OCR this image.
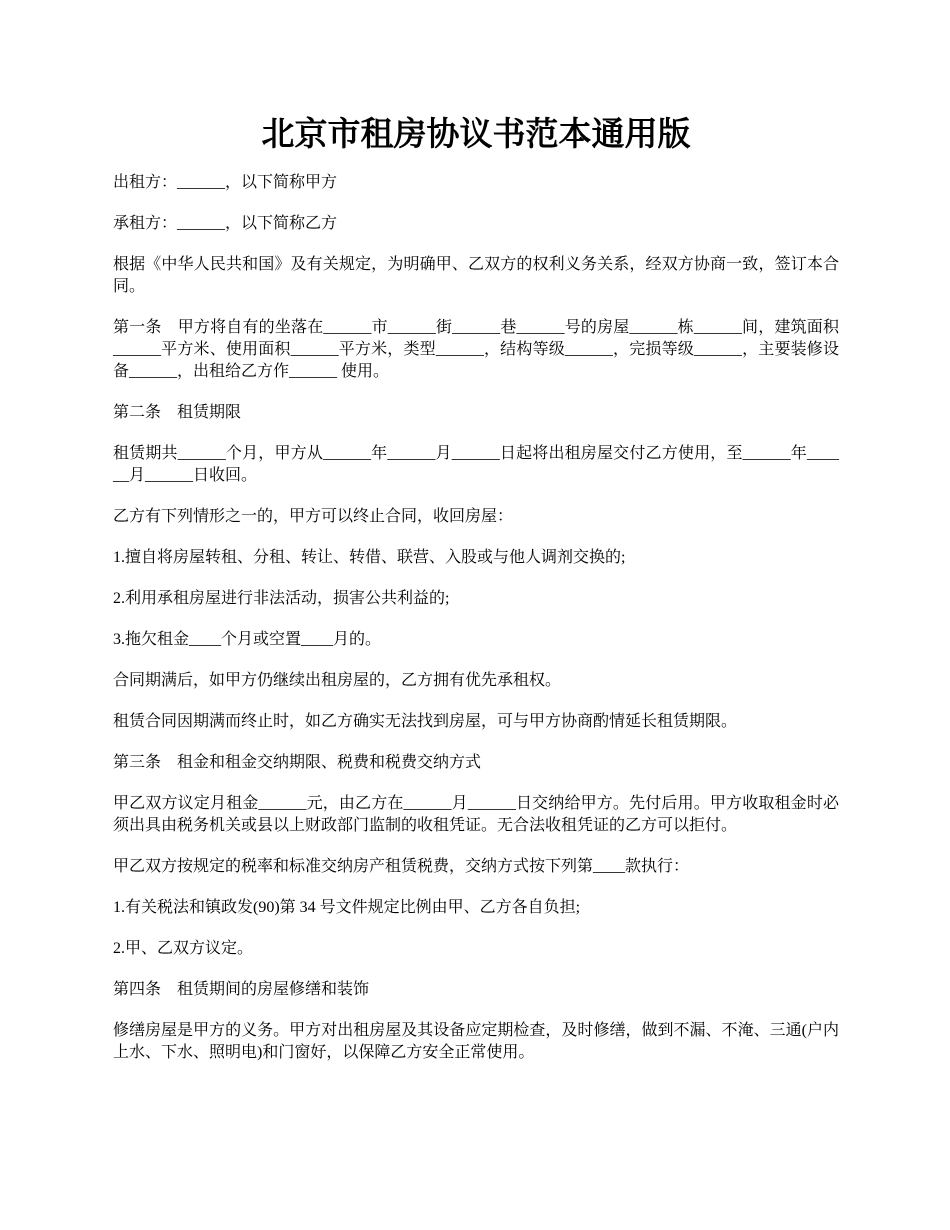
北京市租房协议书范本通用版

出租方：______，以下简称甲方

承租方：______，以下简称乙方

根据《中华人民共和国》及有关规定，为明确甲、乙双方的权利义务关系，经双方协商一致，签订本合同。

第一条　甲方将自有的坐落在______市______街______巷______号的房屋______栋______间，建筑面积______平方米、使用面积______平方米，类型______，结构等级______，完损等级______，主要装修设备______，出租给乙方作______ 使用。

第二条　租赁期限

租赁期共______个月，甲方从______年______月______日起将出租房屋交付乙方使用，至______年______月______日收回。

乙方有下列情形之一的，甲方可以终止合同，收回房屋：

1.擅自将房屋转租、分租、转让、转借、联营、入股或与他人调剂交换的;

2.利用承租房屋进行非法活动，损害公共利益的;

3.拖欠租金____个月或空置____月的。

合同期满后，如甲方仍继续出租房屋的，乙方拥有优先承租权。

租赁合同因期满而终止时，如乙方确实无法找到房屋，可与甲方协商酌情延长租赁期限。

第三条　租金和租金交纳期限、税费和税费交纳方式

甲乙双方议定月租金______元，由乙方在______月______日交纳给甲方。先付后用。甲方收取租金时必须出具由税务机关或县以上财政部门监制的收租凭证。无合法收租凭证的乙方可以拒付。

甲乙双方按规定的税率和标准交纳房产租赁税费，交纳方式按下列第____款执行：

1.有关税法和镇政发(90)第 34 号文件规定比例由甲、乙方各自负担;

2.甲、乙双方议定。

第四条　租赁期间的房屋修缮和装饰

修缮房屋是甲方的义务。甲方对出租房屋及其设备应定期检查，及时修缮，做到不漏、不淹、三通(户内上水、下水、照明电)和门窗好，以保障乙方安全正常使用。
